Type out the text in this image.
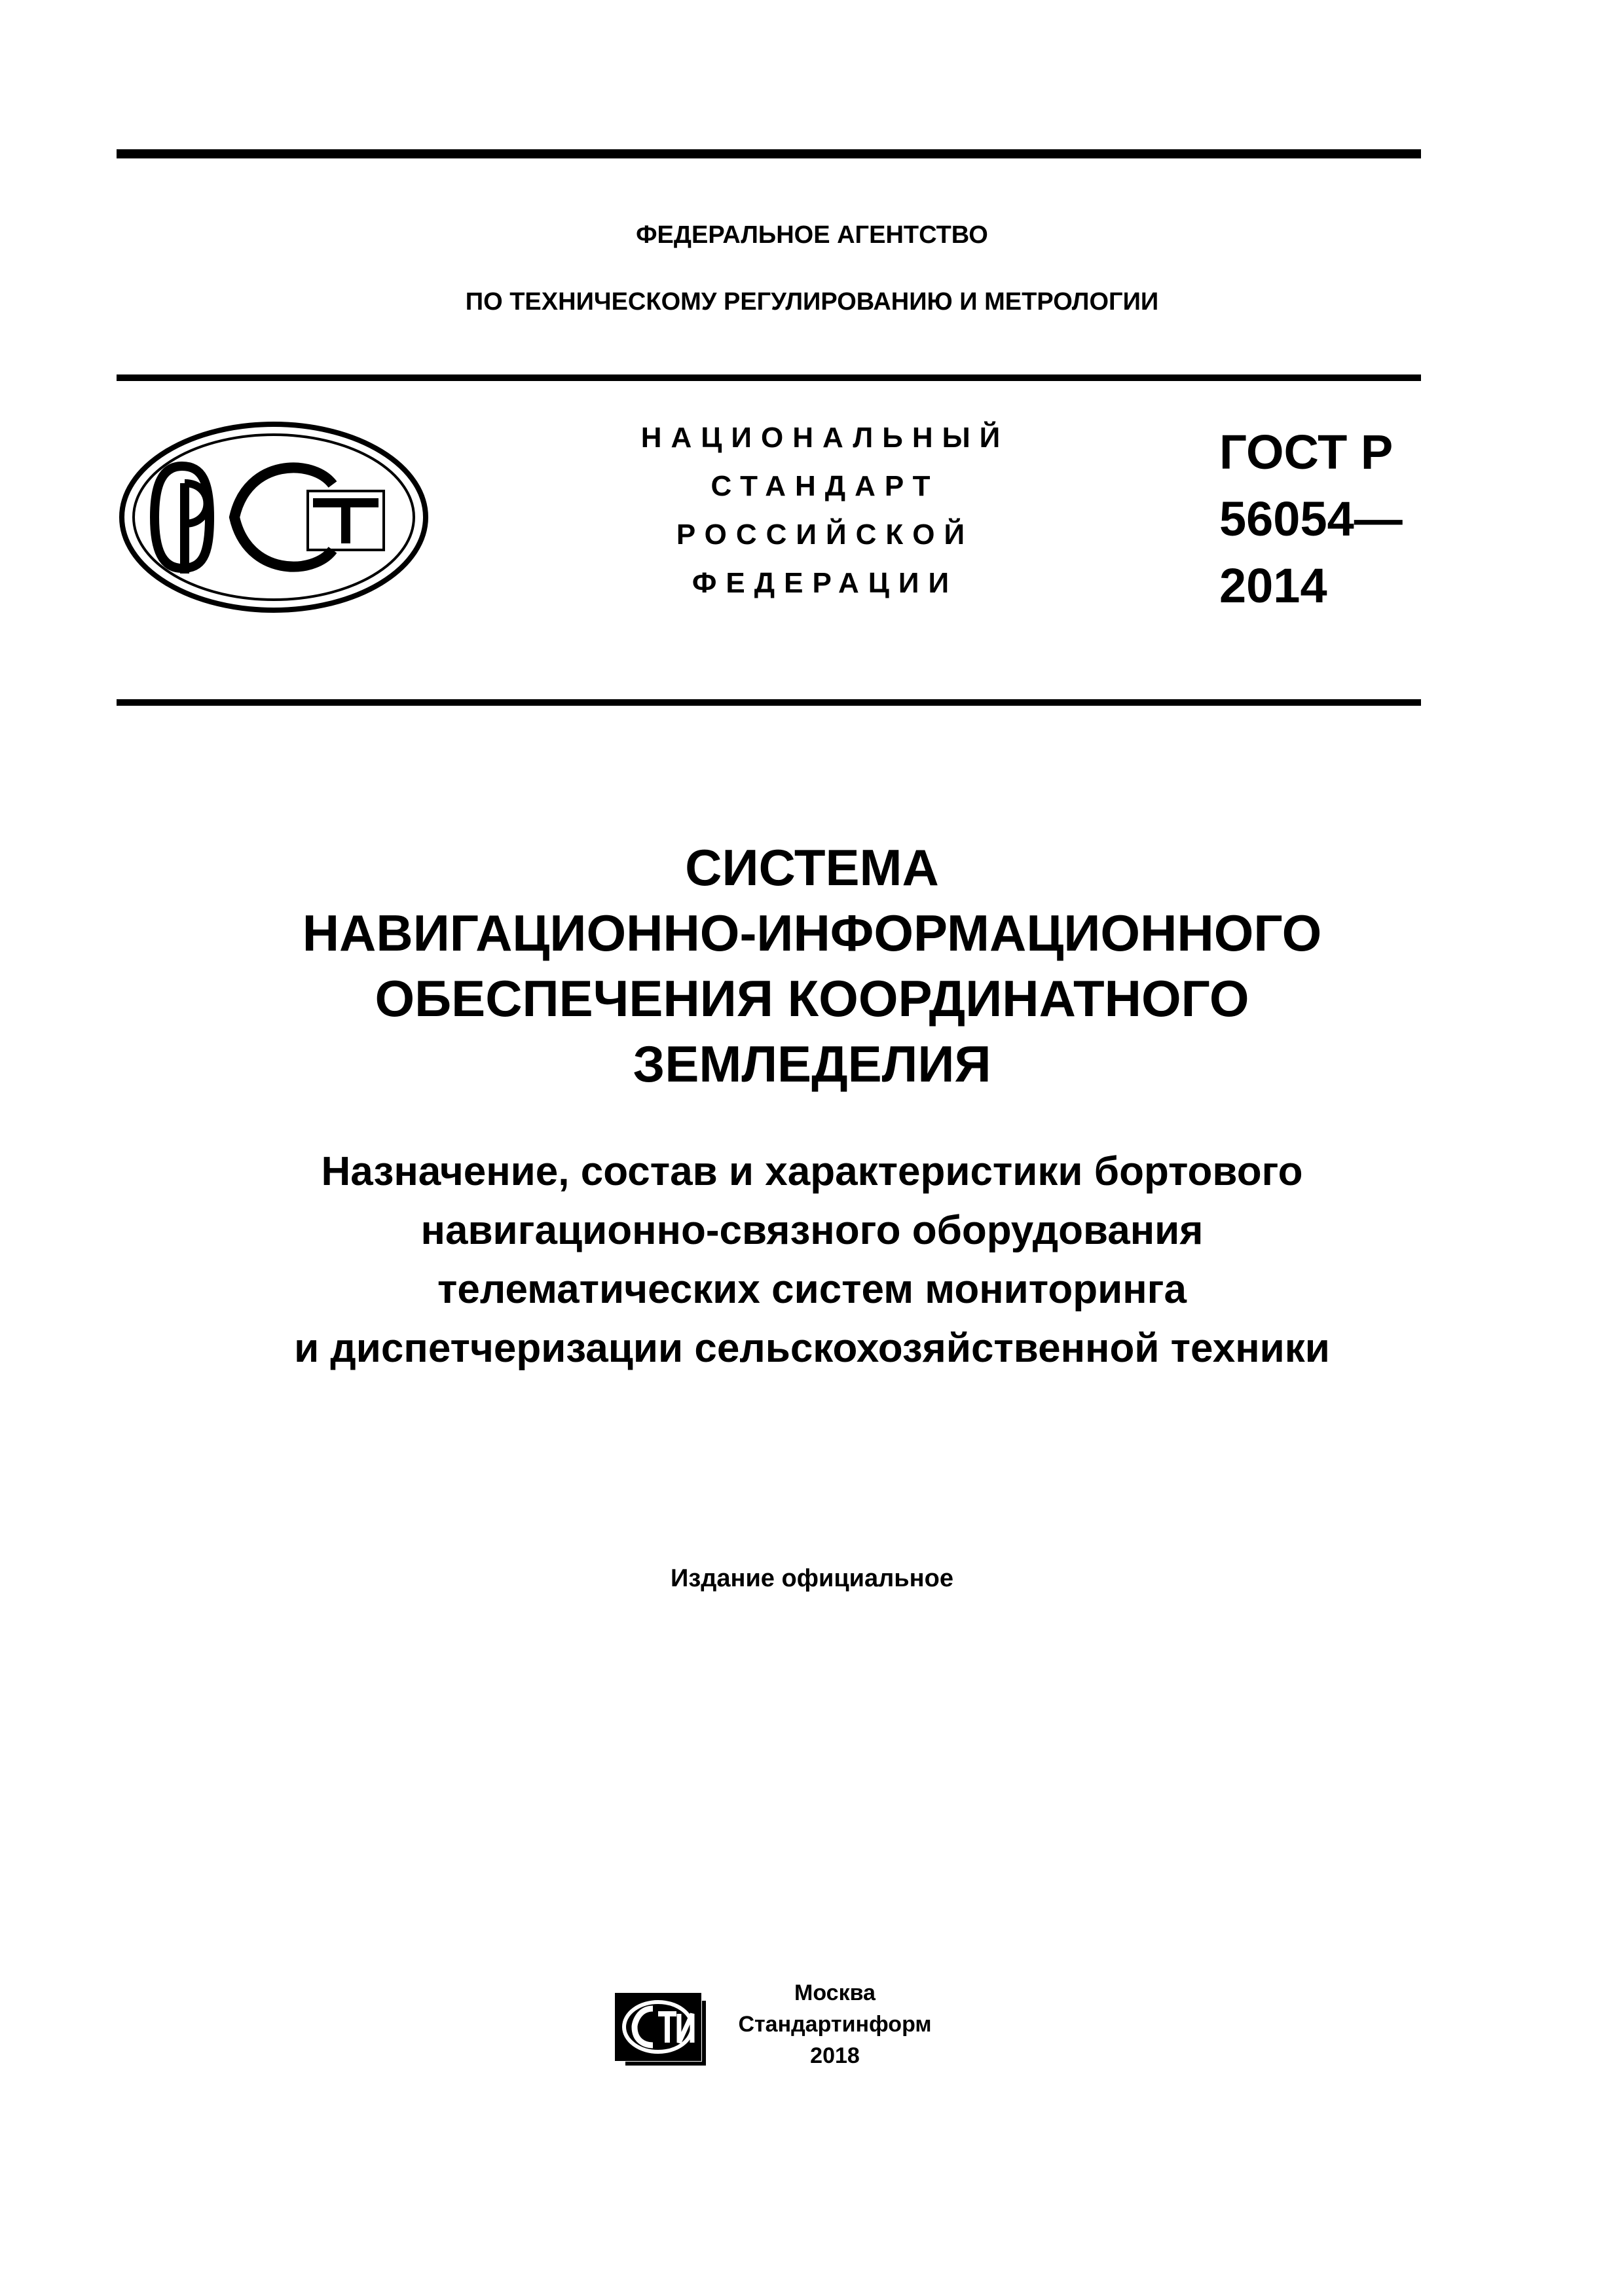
ФЕДЕРАЛЬНОЕ АГЕНТСТВО
ПО ТЕХНИЧЕСКОМУ РЕГУЛИРОВАНИЮ И МЕТРОЛОГИИ
НАЦИОНАЛЬНЫЙ
СТАНДАРТ
РОССИЙСКОЙ
ФЕДЕРАЦИИ
ГОСТ Р
56054—
2014
СИСТЕМА
НАВИГАЦИОННО-ИНФОРМАЦИОННОГО
ОБЕСПЕЧЕНИЯ КООРДИНАТНОГО
ЗЕМЛЕДЕЛИЯ
Назначение, состав и характеристики бортового
навигационно-связного оборудования
телематических систем мониторинга
и диспетчеризации сельскохозяйственной техники
Издание официальное
Москва
Стандартинформ
2018
